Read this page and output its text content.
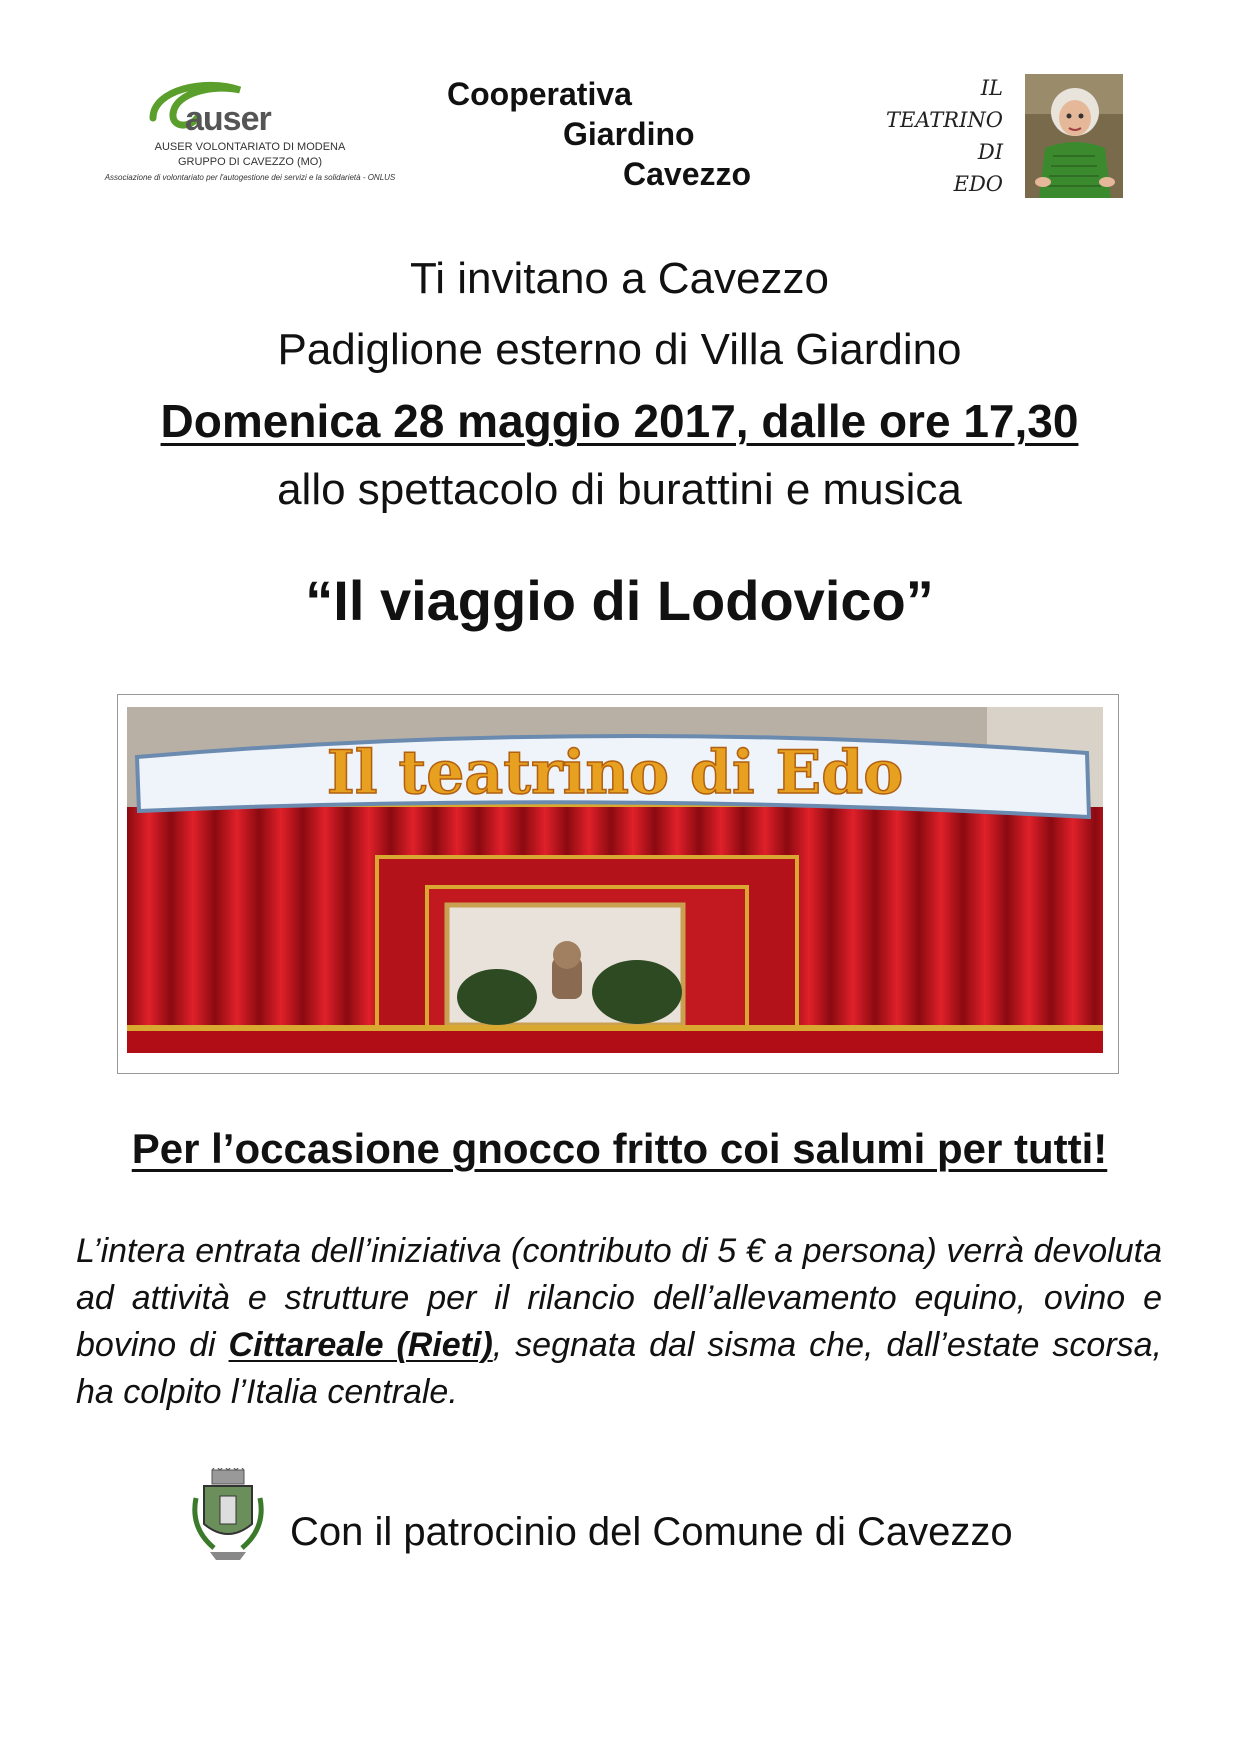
auser
AUSER VOLONTARIATO DI MODENA
GRUPPO DI CAVEZZO (MO)
Associazione di volontariato per l'autogestione dei servizi e la solidarietà - ONLUS
Cooperativa
Giardino
Cavezzo
IL
TEATRINO
DI
EDO
Ti invitano a Cavezzo
Padiglione esterno di Villa Giardino
Domenica 28 maggio 2017, dalle ore 17,30
allo spettacolo di burattini e musica
“Il viaggio di Lodovico”
Il teatrino di Edo
Per l’occasione gnocco fritto coi salumi per tutti!
L’intera entrata dell’iniziativa (contributo di 5 € a persona) verrà devoluta ad attività e strutture per il rilancio dell’allevamento equino, ovino e bovino di Cittareale (Rieti), segnata dal sisma che, dall’estate scorsa, ha colpito l’Italia centrale.
Con il patrocinio del Comune di Cavezzo
